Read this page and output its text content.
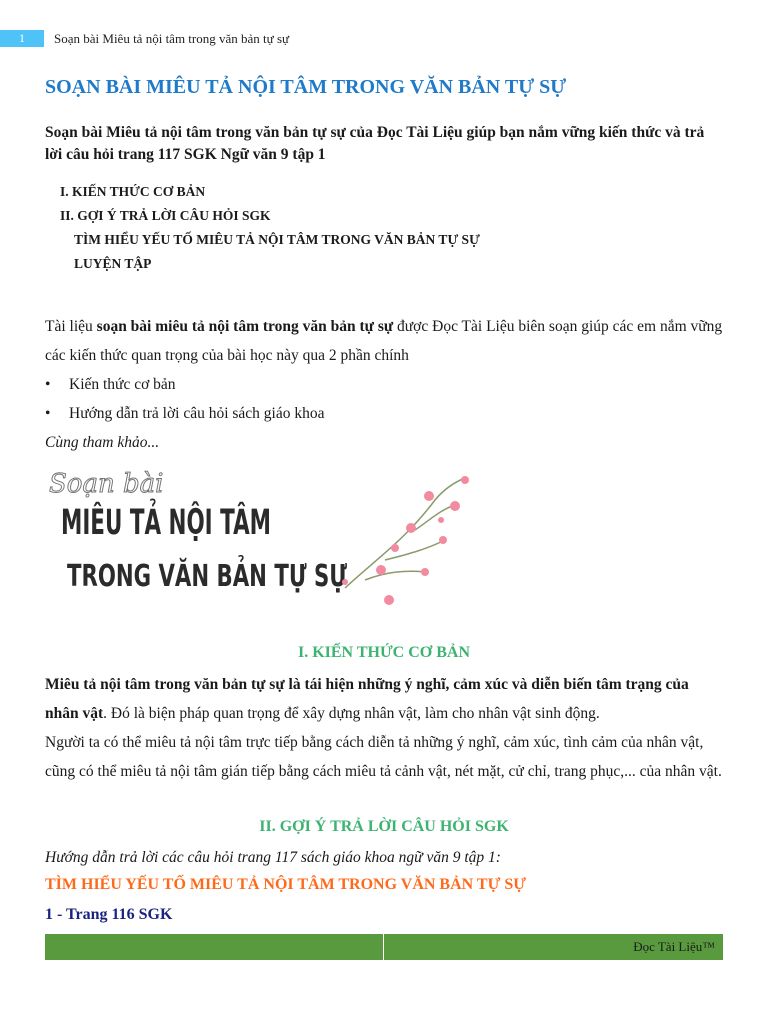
1	Soạn bài Miêu tả nội tâm trong văn bản tự sự
SOẠN BÀI MIÊU TẢ NỘI TÂM TRONG VĂN BẢN TỰ SỰ
Soạn bài Miêu tả nội tâm trong văn bản tự sự của Đọc Tài Liệu giúp bạn nắm vững kiến thức và trả lời câu hỏi trang 117 SGK Ngữ văn 9 tập 1
I. KIẾN THỨC CƠ BẢN
II. GỢI Ý TRẢ LỜI CÂU HỎI SGK
TÌM HIỂU YẾU TỐ MIÊU TẢ NỘI TÂM TRONG VĂN BẢN TỰ SỰ
LUYỆN TẬP
Tài liệu soạn bài miêu tả nội tâm trong văn bản tự sự được Đọc Tài Liệu biên soạn giúp các em nắm vững các kiến thức quan trọng của bài học này qua 2 phần chính
• Kiến thức cơ bản
• Hướng dẫn trả lời câu hỏi sách giáo khoa
Cùng tham khảo...
Soạn bài
MIÊU TẢ NỘI TÂM
TRONG VĂN BẢN TỰ SỰ
I. KIẾN THỨC CƠ BẢN
Miêu tả nội tâm trong văn bản tự sự là tái hiện những ý nghĩ, cảm xúc và diễn biến tâm trạng của nhân vật. Đó là biện pháp quan trọng để xây dựng nhân vật, làm cho nhân vật sinh động.
Người ta có thể miêu tả nội tâm trực tiếp bằng cách diễn tả những ý nghĩ, cảm xúc, tình cảm của nhân vật, cũng có thể miêu tả nội tâm gián tiếp bằng cách miêu tả cảnh vật, nét mặt, cử chỉ, trang phục,... của nhân vật.
II. GỢI Ý TRẢ LỜI CÂU HỎI SGK
Hướng dẫn trả lời các câu hỏi trang 117 sách giáo khoa ngữ văn 9 tập 1:
TÌM HIỂU YẾU TỐ MIÊU TẢ NỘI TÂM TRONG VĂN BẢN TỰ SỰ
1 - Trang 116 SGK
Đọc Tài Liệu™
